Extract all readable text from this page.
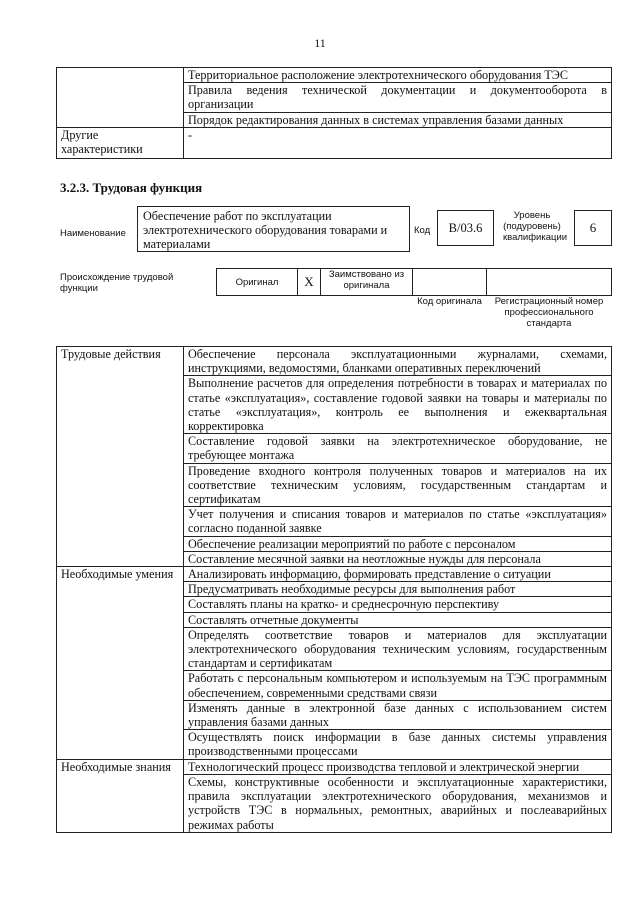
11
	Территориальное расположение электротехнического оборудования ТЭС
	Правила ведения технической документации и документооборота в организации
	Порядок редактирования данных в системах управления базами данных
Другие характеристики	-
3.2.3. Трудовая функция
Наименование
Обеспечение работ по эксплуатации электротехнического оборудования товарами и материалами
Код	В/03.6
Уровень (подуровень) квалификации
6
Происхождение трудовой функции
Оригинал	X	Заимствовано из оригинала
Код оригинала	Регистрационный номер профессионального стандарта
Трудовые действия	Обеспечение персонала эксплуатационными журналами, схемами, инструкциями, ведомостями, бланками оперативных переключений
	Выполнение расчетов для определения потребности в товарах и материалах по статье «эксплуатация», составление годовой заявки на товары и материалы по статье «эксплуатация», контроль ее выполнения и ежеквартальная корректировка
	Составление годовой заявки на электротехническое оборудование, не требующее монтажа
	Проведение входного контроля полученных товаров и материалов на их соответствие техническим условиям, государственным стандартам и сертификатам
	Учет получения и списания товаров и материалов по статье «эксплуатация» согласно поданной заявке
	Обеспечение реализации мероприятий по работе с персоналом
	Составление месячной заявки на неотложные нужды для персонала
Необходимые умения	Анализировать информацию, формировать представление о ситуации
	Предусматривать необходимые ресурсы для выполнения работ
	Составлять планы на кратко- и среднесрочную перспективу
	Составлять отчетные документы
	Определять соответствие товаров и материалов для эксплуатации электротехнического оборудования техническим условиям, государственным стандартам и сертификатам
	Работать с персональным компьютером и используемым на ТЭС программным обеспечением, современными средствами связи
	Изменять данные в электронной базе данных с использованием систем управления базами данных
	Осуществлять поиск информации в базе данных системы управления производственными процессами
Необходимые знания	Технологический процесс производства тепловой и электрической энергии
	Схемы, конструктивные особенности и эксплуатационные характеристики, правила эксплуатации электротехнического оборудования, механизмов и устройств ТЭС в нормальных, ремонтных, аварийных и послеаварийных режимах работы
